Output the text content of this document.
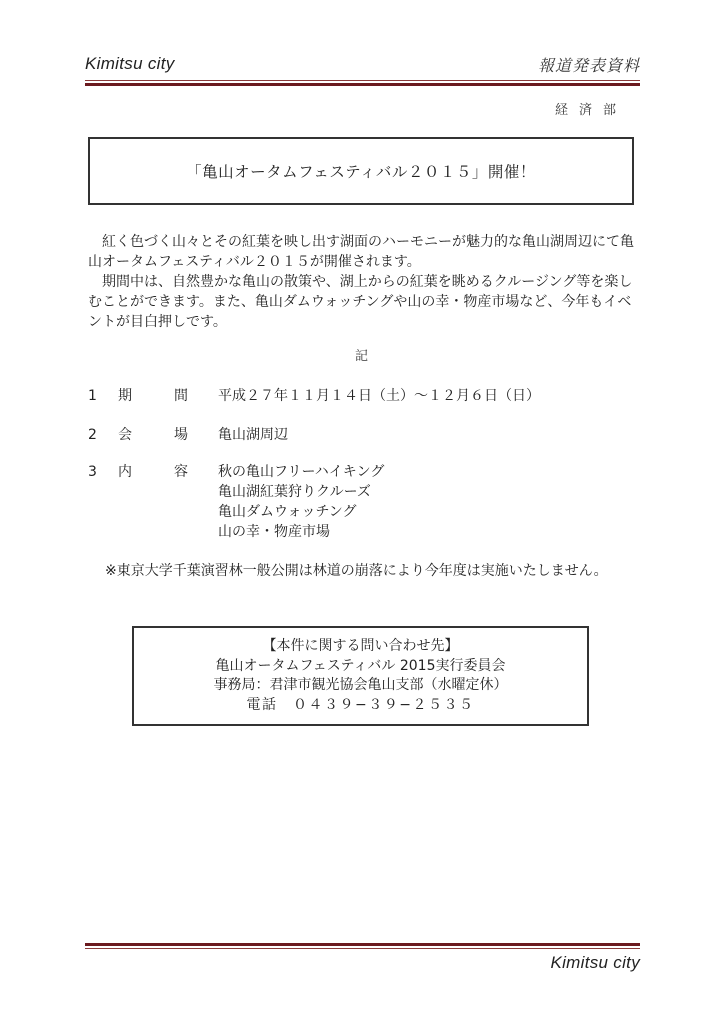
Kimitsu city	報道発表資料
経済部
「亀山オータムフェスティバル２０１５」開催！
　紅く色づく山々とその紅葉を映し出す湖面のハーモニーが魅力的な亀山湖周辺にて亀山オータムフェスティバル２０１５が開催されます。
　期間中は、自然豊かな亀山の散策や、湖上からの紅葉を眺めるクルージング等を楽しむことができます。また、亀山ダムウォッチングや山の幸・物産市場など、今年もイベントが目白押しです。
記
1 期	間 平成２７年１１月１４日（土）～１２月６日（日）
2 会	場 亀山湖周辺
3 内	容 秋の亀山フリーハイキング
亀山湖紅葉狩りクルーズ
亀山ダムウォッチング
山の幸・物産市場
※東京大学千葉演習林一般公開は林道の崩落により今年度は実施いたしません。
【本件に関する問い合わせ先】
亀山オータムフェスティバル 2015実行委員会
事務局：君津市観光協会亀山支部（水曜定休）
電話　０４３９−３９−２５３５
Kimitsu city
